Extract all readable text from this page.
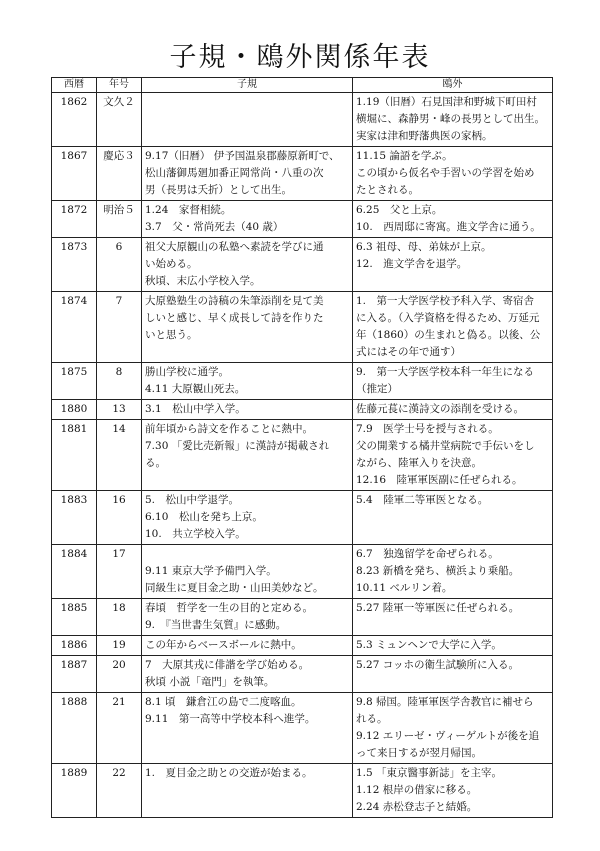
子規・鴎外関係年表
西暦	年号	子規	鴎外
1862	文久２		1.19（旧暦）石見国津和野城下町田村
横堀に、森静男・峰の長男として出生。
実家は津和野藩典医の家柄。

1867	慶応３	9.17（旧暦） 伊予国温泉郡藤原新町で、
松山藩御馬廻加番正岡常尚・八重の次
男（長男は夭折）として出生。	11.15 論語を学ぶ。
この頃から仮名や手習いの学習を始め
たとされる。

1872	明治５	1.24　家督相続。
3.7　父・常尚死去（40 歳）	6.25　父と上京。
10.　西周邸に寄寓。進文学舎に通う。

1873	6	祖父大原観山の私塾へ素読を学びに通
い始める。
秋頃、末広小学校入学。	6.3 祖母、母、弟妹が上京。
12.　進文学舎を退学。

1874	7	大原塾塾生の詩稿の朱筆添削を見て美
しいと感じ、早く成長して詩を作りた
いと思う。	1.　第一大学医学校予科入学、寄宿舎
に入る。（入学資格を得るため、万延元
年（1860）の生まれと偽る。以後、公
式にはその年で通す）

1875	8	勝山学校に通学。
4.11 大原観山死去。	9.　第一大学医学校本科一年生になる
（推定）

1880	13	3.1　松山中学入学。	佐藤元萇に漢詩文の添削を受ける。

1881	14	前年頃から詩文を作ることに熱中。
7.30 「愛比売新報」に漢詩が掲載され
る。	7.9　医学士号を授与される。
父の開業する橘井堂病院で手伝いをし
ながら、陸軍入りを決意。
12.16　陸軍軍医副に任ぜられる。

1883	16	5.　松山中学退学。
6.10　松山を発ち上京。
10.　共立学校入学。	5.4　陸軍二等軍医となる。

1884	17	9.11 東京大学予備門入学。
同級生に夏目金之助・山田美妙など。	6.7　独逸留学を命ぜられる。
8.23 新橋を発ち、横浜より乗船。
10.11 ベルリン着。

1885	18	春頃　哲学を一生の目的と定める。
9.　『当世書生気質』に感動。	5.27 陸軍一等軍医に任ぜられる。

1886	19	この年からベースボールに熱中。	5.3 ミュンヘンで大学に入学。

1887	20	7　大原其戎に俳諧を学び始める。
秋頃 小説「竜門」を執筆。	5.27 コッホの衛生試験所に入る。

1888	21	8.1 頃　鎌倉江の島で二度喀血。
9.11　第一高等中学校本科へ進学。	9.8 帰国。陸軍軍医学舎教官に補せら
れる。
9.12 エリーゼ・ヴィーゲルトが後を追
って来日するが翌月帰国。

1889	22	1.　夏目金之助との交遊が始まる。	1.5 「東京醫事新誌」を主宰。
1.12 根岸の借家に移る。
2.24 赤松登志子と結婚。
